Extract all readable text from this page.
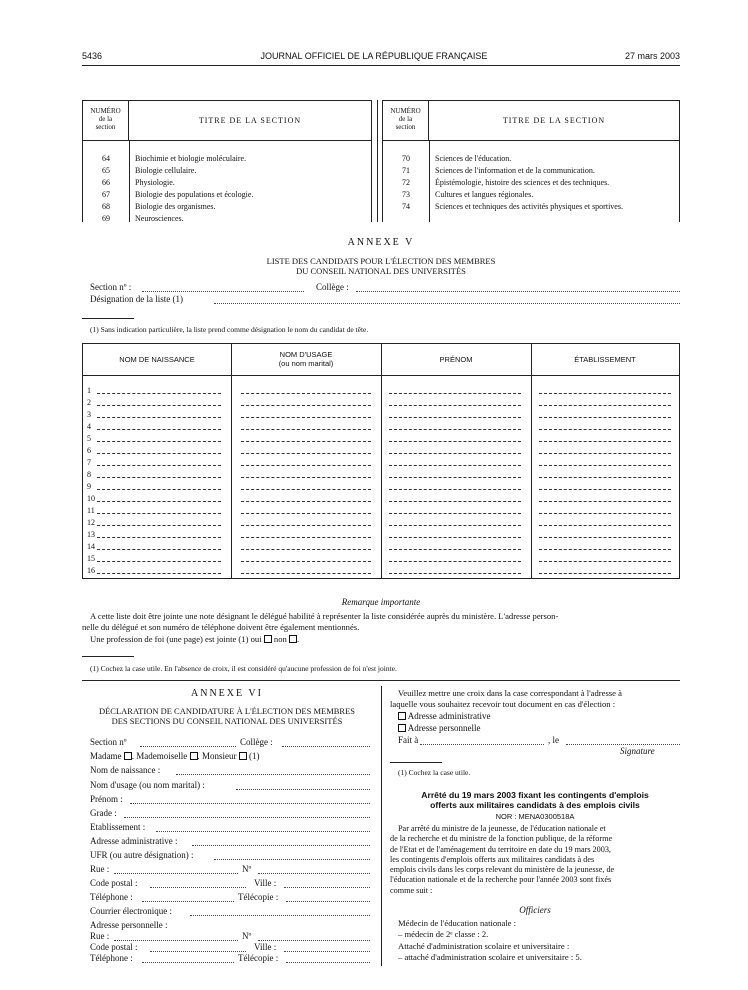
5436	JOURNAL OFFICIEL DE LA RÉPUBLIQUE FRANÇAISE	27 mars 2003
NUMÉRO
de la
section
TITRE DE LA SECTION
64	Biochimie et biologie moléculaire.
65	Biologie cellulaire.
66	Physiologie.
67	Biologie des populations et écologie.
68	Biologie des organismes.
69	Neurosciences.
NUMÉRO
de la
section
TITRE DE LA SECTION
70	Sciences de l'éducation.
71	Sciences de l'information et de la communication.
72	Épistémologie, histoire des sciences et des techniques.
73	Cultures et langues régionales.
74	Sciences et techniques des activités physiques et sportives.
ANNEXE V
LISTE DES CANDIDATS POUR L'ÉLECTION DES MEMBRES
DU CONSEIL NATIONAL DES UNIVERSITÉS
Section nº :	Collège :
Désignation de la liste (1)
(1) Sans indication particulière, la liste prend comme désignation le nom du candidat de tête.
NOM DE NAISSANCE
NOM D'USAGE
(ou nom marital)	PRÉNOM	ÉTABLISSEMENT
1
2
3
4
5
6
7
8
9
10
11
12
13
14
15
16
Remarque importante
A cette liste doit être jointe une note désignant le délégué habilité à représenter la liste considérée auprès du ministère. L'adresse person-
nelle du délégué et son numéro de téléphone doivent être également mentionnés.
Une profession de foi (une page) est jointe (1) oui non .
(1) Cochez la case utile. En l'absence de croix, il est considéré qu'aucune profession de foi n'est jointe.
ANNEXE VI
DÉCLARATION DE CANDIDATURE À L'ÉLECTION DES MEMBRES
DES SECTIONS DU CONSEIL NATIONAL DES UNIVERSITÉS
Section nº	Collège :
Madame . Mademoiselle . Monsieur (1)
Nom de naissance :
Nom d'usage (ou nom marital) :
Prénom :
Grade :
Etablissement :
Adresse administrative :
UFR (ou autre désignation) :
Rue :	Nº
Code postal :	Ville :
Téléphone :	Télécopie :
Courrier électronique :
Adresse personnelle :
Rue :	Nº
Code postal :	Ville :
Téléphone :	Télécopie :
Veuillez mettre une croix dans la case correspondant à l'adresse à
laquelle vous souhaitez recevoir tout document en cas d'élection :
Adresse administrative
Adresse personnelle
Fait à	, le
Signature
(1) Cochez la case utile.
Arrêté du 19 mars 2003 fixant les contingents d'emplois
offerts aux militaires candidats à des emplois civils
NOR : MENA0300518A
Par arrêté du ministre de la jeunesse, de l'éducation nationale et
de la recherche et du ministre de la fonction publique, de la réforme
de l'Etat et de l'aménagement du territoire en date du 19 mars 2003,
les contingents d'emplois offerts aux militaires candidats à des
emplois civils dans les corps relevant du ministère de la jeunesse, de
l'éducation nationale et de la recherche pour l'année 2003 sont fixés
comme suit :
Officiers
Médecin de l'éducation nationale :
– médecin de 2ᵉ classe : 2.
Attaché d'administration scolaire et universitaire :
– attaché d'administration scolaire et universitaire : 5.
